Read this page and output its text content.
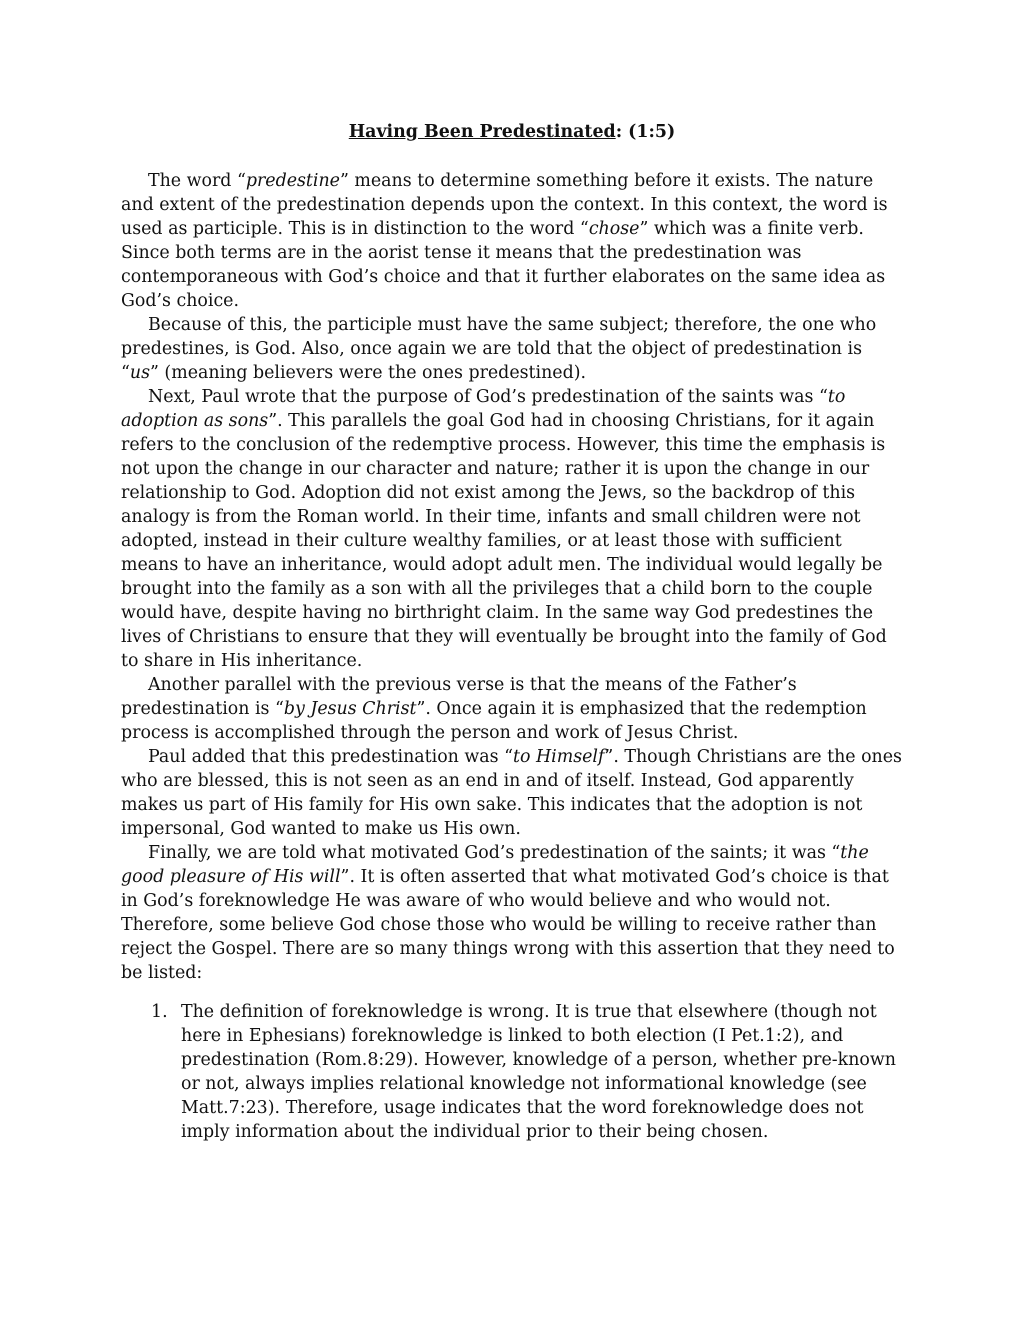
Having Been Predestinated: (1:5)

The word “predestine” means to determine something before it exists. The nature and extent of the predestination depends upon the context. In this context, the word is used as participle. This is in distinction to the word “chose” which was a finite verb. Since both terms are in the aorist tense it means that the predestination was contemporaneous with God’s choice and that it further elaborates on the same idea as God’s choice.

Because of this, the participle must have the same subject; therefore, the one who predestines, is God. Also, once again we are told that the object of predestination is “us” (meaning believers were the ones predestined).

Next, Paul wrote that the purpose of God’s predestination of the saints was “to adoption as sons”. This parallels the goal God had in choosing Christians, for it again refers to the conclusion of the redemptive process. However, this time the emphasis is not upon the change in our character and nature; rather it is upon the change in our relationship to God. Adoption did not exist among the Jews, so the backdrop of this analogy is from the Roman world. In their time, infants and small children were not adopted, instead in their culture wealthy families, or at least those with sufficient means to have an inheritance, would adopt adult men. The individual would legally be brought into the family as a son with all the privileges that a child born to the couple would have, despite having no birthright claim. In the same way God predestines the lives of Christians to ensure that they will eventually be brought into the family of God to share in His inheritance.

Another parallel with the previous verse is that the means of the Father’s predestination is “by Jesus Christ”. Once again it is emphasized that the redemption process is accomplished through the person and work of Jesus Christ.

Paul added that this predestination was “to Himself”. Though Christians are the ones who are blessed, this is not seen as an end in and of itself. Instead, God apparently makes us part of His family for His own sake. This indicates that the adoption is not impersonal, God wanted to make us His own.

Finally, we are told what motivated God’s predestination of the saints; it was “the good pleasure of His will”. It is often asserted that what motivated God’s choice is that in God’s foreknowledge He was aware of who would believe and who would not. Therefore, some believe God chose those who would be willing to receive rather than reject the Gospel. There are so many things wrong with this assertion that they need to be listed:

1. The definition of foreknowledge is wrong. It is true that elsewhere (though not here in Ephesians) foreknowledge is linked to both election (I Pet.1:2), and predestination (Rom.8:29). However, knowledge of a person, whether pre-known or not, always implies relational knowledge not informational knowledge (see Matt.7:23). Therefore, usage indicates that the word foreknowledge does not imply information about the individual prior to their being chosen.
